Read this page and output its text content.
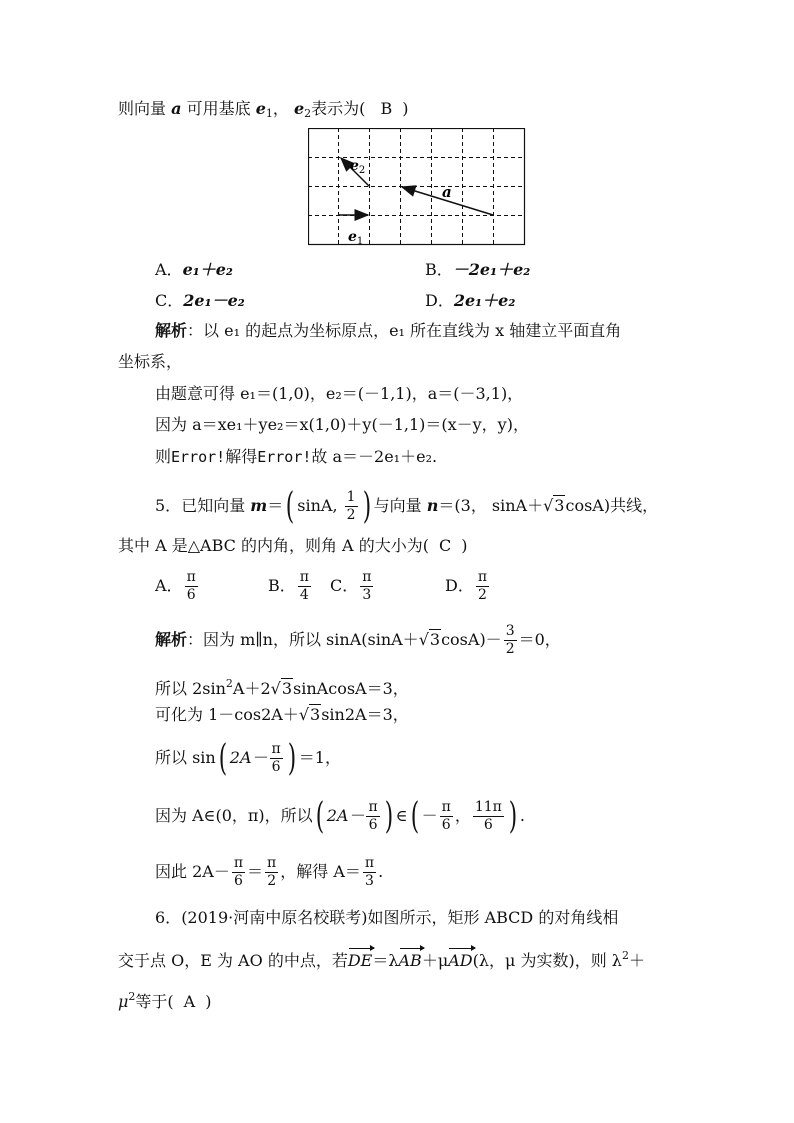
则向量 a 可用基底 $e_1$， $e_2$表示为( B )
$e_1$
$e_2$
a
A．e₁＋e₂	B．－2e₁＋e₂
C．2e₁－e₂	D．2e₁＋e₂
解析：以 e₁ 的起点为坐标原点，e₁ 所在直线为 x 轴建立平面直角
坐标系，
由题意可得 e₁＝(1,0)，e₂＝(－1,1)，a＝(－3,1)，
因为 a＝xe₁＋ye₂＝x(1,0)＋y(－1,1)＝(x－y，y)，
则Error!解得Error!故 a＝－2e₁＋e₂.
5．已知向量 m＝( sinA, $\frac{1}{2}$ ) 与向量 n＝(3， sinA＋√3cosA)共线，
其中 A 是△ABC 的内角，则角 A 的大小为( C )
A． $\frac{\pi}{6}$	B． $\frac{\pi}{4}$ C． $\frac{\pi}{3}$	D． $\frac{\pi}{2}$
解析：因为 m∥n，所以 $\sin A(\sin A+√3\cos A)- \frac{3}{2} =0$，
所以 $2\sin^2A+2√3sinAcosA=3$，
可化为 1－cos2A＋√3sin2A＝3，
所以 sin( $2A- \frac{\pi}{6}$ ) ＝1，
因为 A∈(0，π)，所以( $2A- \frac{\pi}{6}$ ) ∈( － $\frac{\pi}{6}$ ， $\frac{11\pi}{6}$ ) .
因此 $2A- \frac{\pi}{6} = \frac{\pi}{2}$ ，解得 $A= \frac{\pi}{3}$ .
6．(2019·河南中原名校联考)如图所示，矩形 ABCD 的对角线相
交于点 O，E 为 AO 的中点，若DE＝λAB＋μAD(λ，μ 为实数)，则 $\lambda^2+$
$\mu^2$等于( A )
